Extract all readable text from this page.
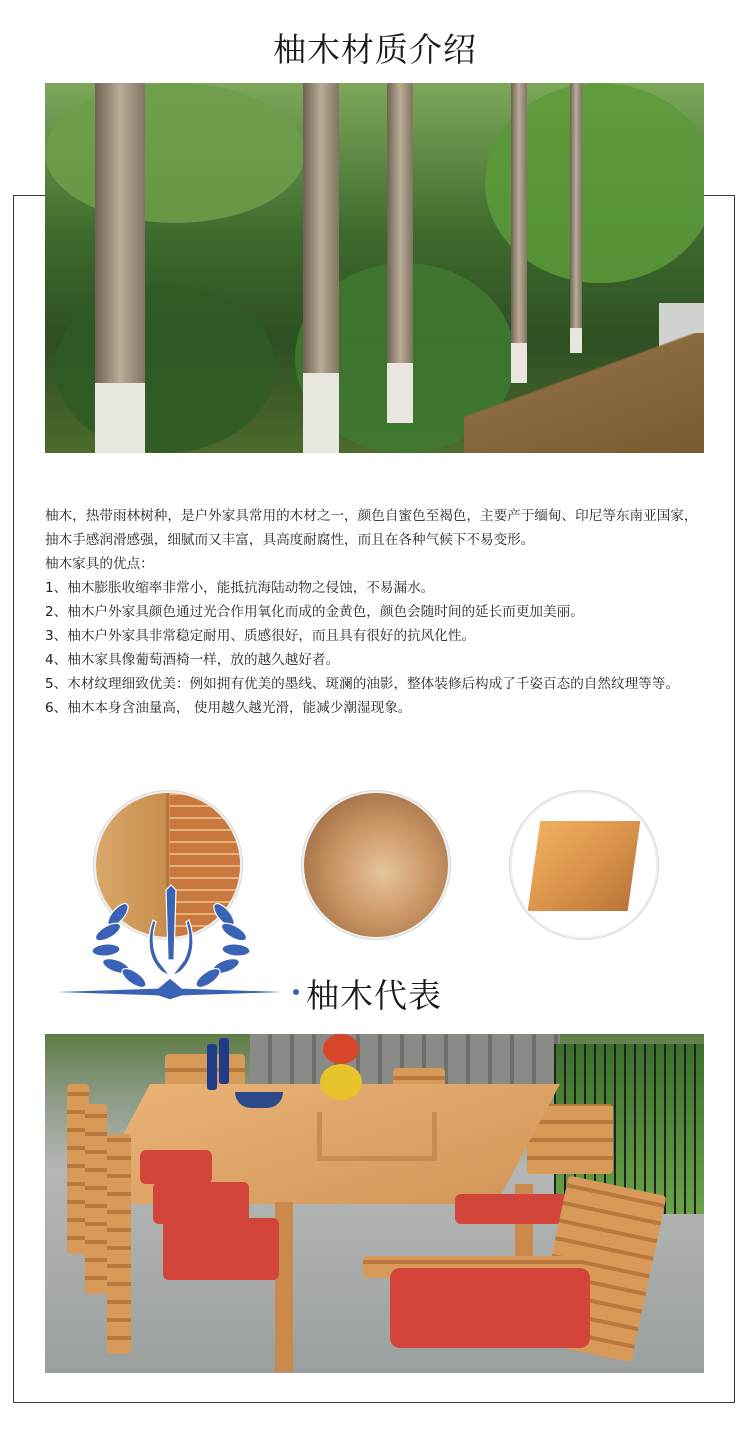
柚木材质介绍

柚木，热带雨林树种，是户外家具常用的木材之一，颜色自蜜色至褐色，主要产于缅甸、印尼等东南亚国家，抽木手感润滑感强，细腻而又丰富，具高度耐腐性，而且在各种气候下不易变形。

柚木家具的优点：

1、柚木膨胀收缩率非常小，能抵抗海陆动物之侵蚀，不易漏水。

2、柚木户外家具颜色通过光合作用氧化而成的金黄色，颜色会随时间的延长而更加美丽。

3、柚木户外家具非常稳定耐用、质感很好，而且具有很好的抗风化性。

4、柚木家具像葡萄酒椅一样，放的越久越好者。

5、木材纹理细致优美：例如拥有优美的墨线、斑澜的油影，整体装修后构成了千姿百态的自然纹理等等。

6、柚木本身含油量高， 使用越久越光滑，能减少潮湿现象。

柚木代表
